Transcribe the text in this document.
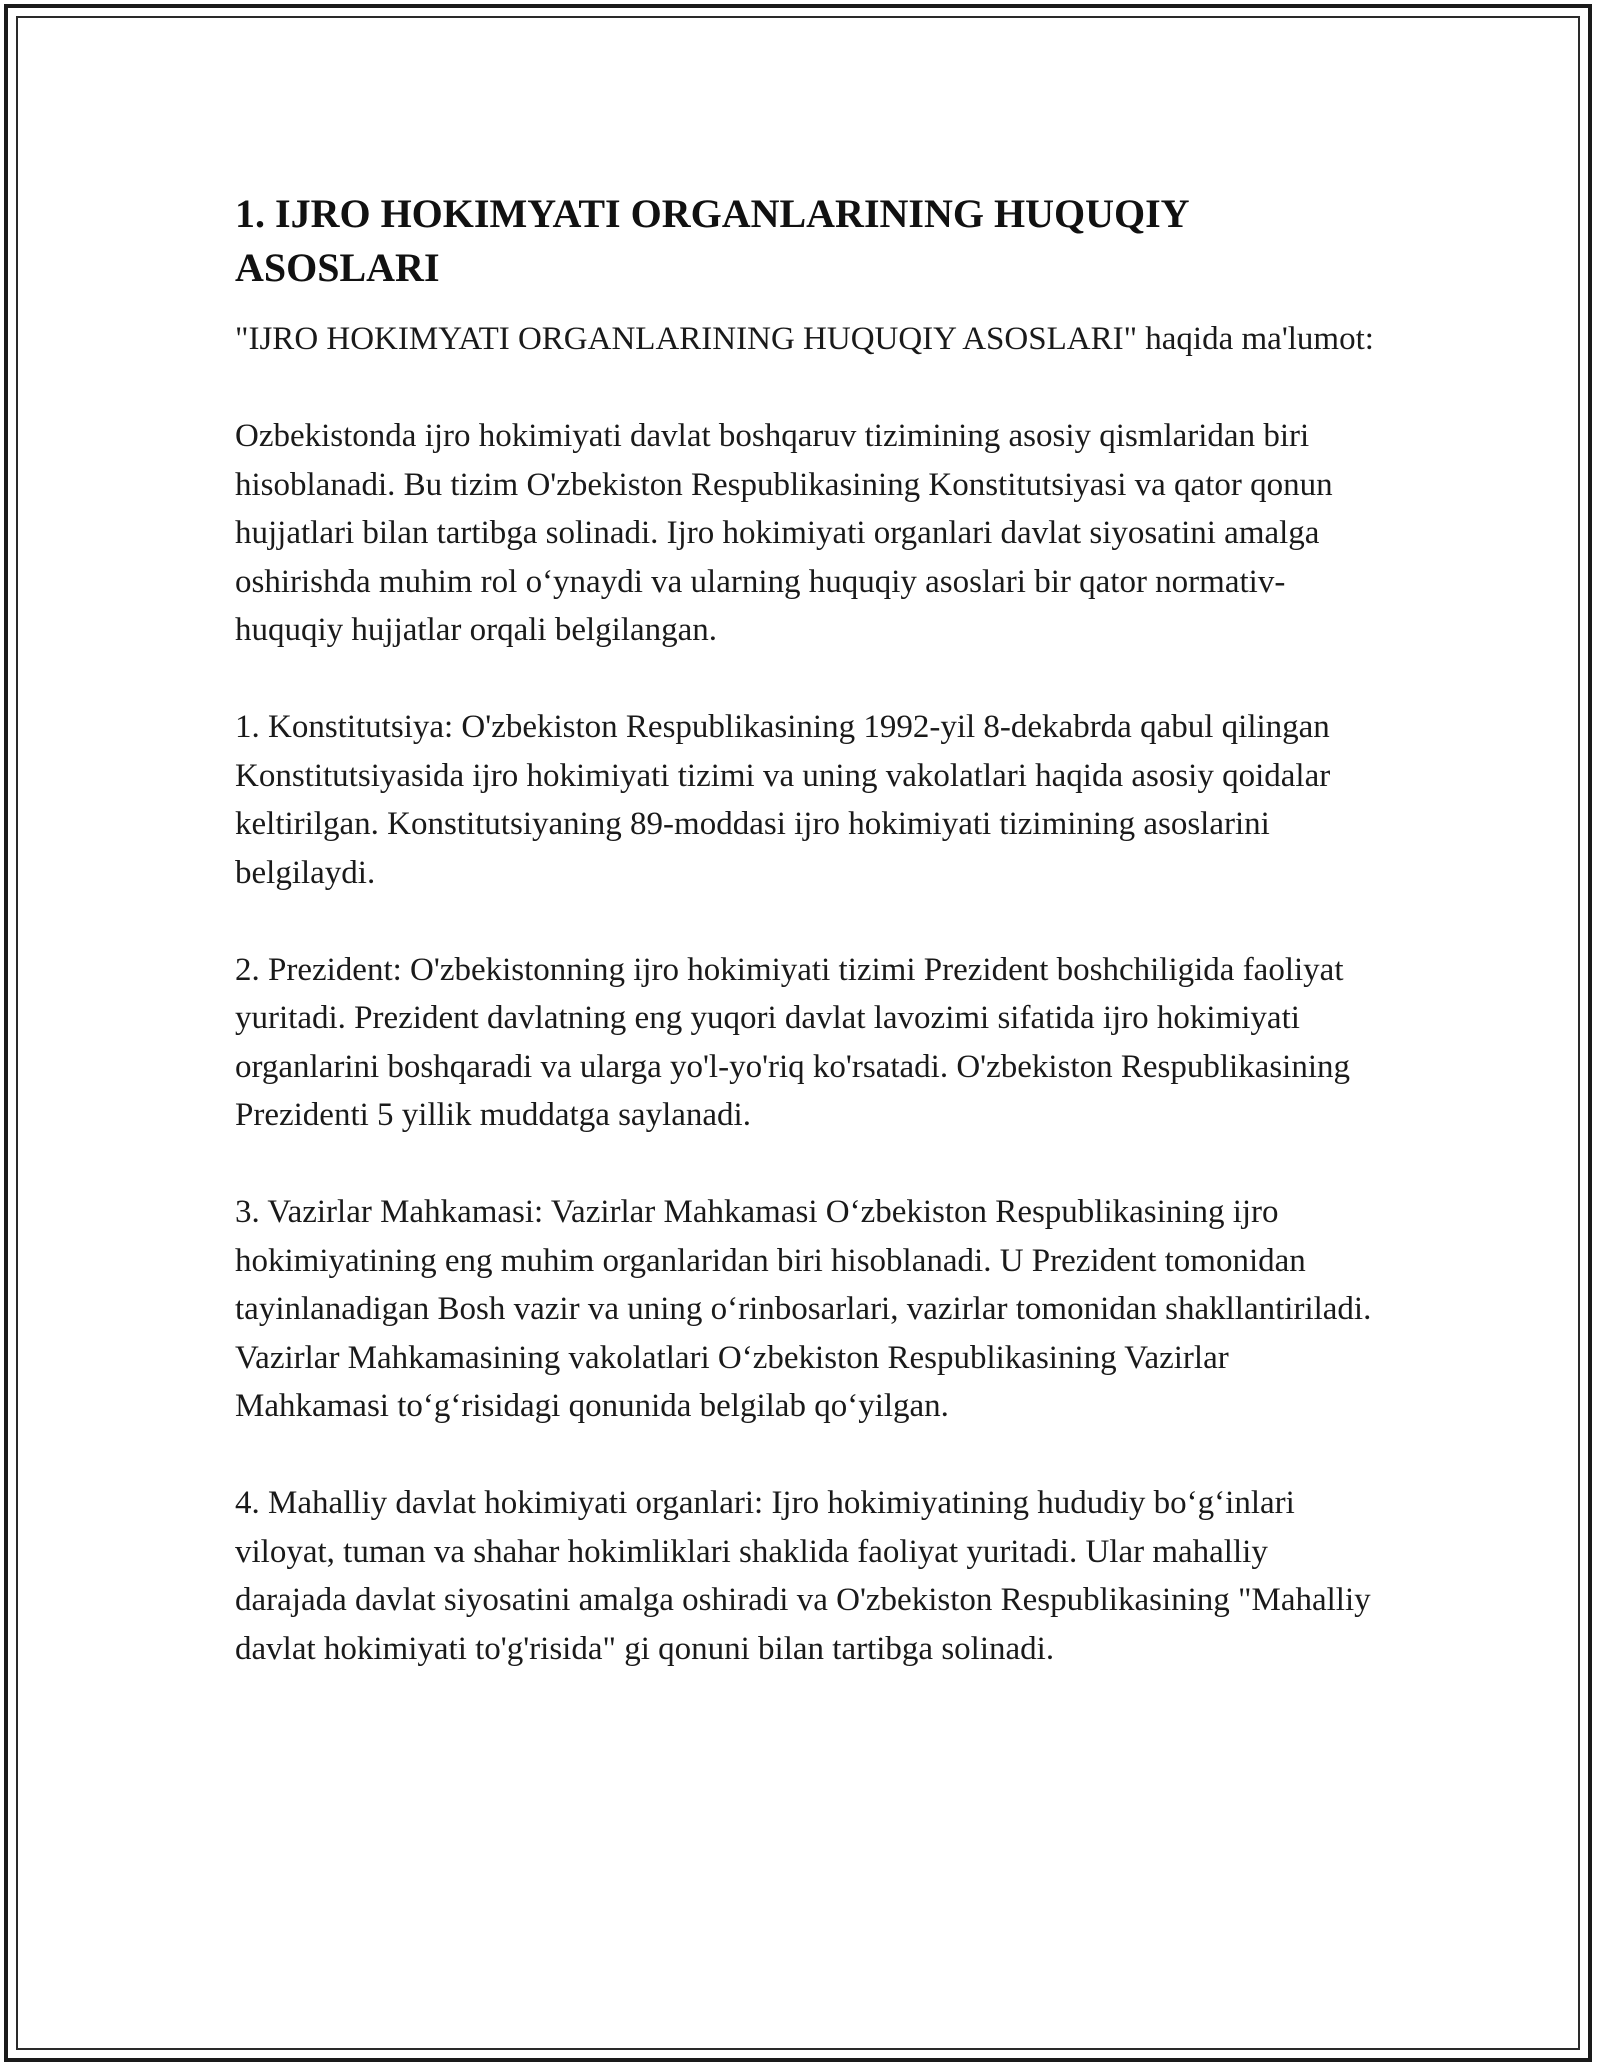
1. IJRO HOKIMYATI ORGANLARINING HUQUQIY ASOSLARI

"IJRO HOKIMYATI ORGANLARINING HUQUQIY ASOSLARI" haqida ma'lumot:

Ozbekistonda ijro hokimiyati davlat boshqaruv tizimining asosiy qismlaridan biri hisoblanadi. Bu tizim O'zbekiston Respublikasining Konstitutsiyasi va qator qonun hujjatlari bilan tartibga solinadi. Ijro hokimiyati organlari davlat siyosatini amalga oshirishda muhim rol o‘ynaydi va ularning huquqiy asoslari bir qator normativ-huquqiy hujjatlar orqali belgilangan.

1. Konstitutsiya: O'zbekiston Respublikasining 1992-yil 8-dekabrda qabul qilingan Konstitutsiyasida ijro hokimiyati tizimi va uning vakolatlari haqida asosiy qoidalar keltirilgan. Konstitutsiyaning 89-moddasi ijro hokimiyati tizimining asoslarini belgilaydi.

2. Prezident: O'zbekistonning ijro hokimiyati tizimi Prezident boshchiligida faoliyat yuritadi. Prezident davlatning eng yuqori davlat lavozimi sifatida ijro hokimiyati organlarini boshqaradi va ularga yo'l-yo'riq ko'rsatadi. O'zbekiston Respublikasining Prezidenti 5 yillik muddatga saylanadi.

3. Vazirlar Mahkamasi: Vazirlar Mahkamasi O‘zbekiston Respublikasining ijro hokimiyatining eng muhim organlaridan biri hisoblanadi. U Prezident tomonidan tayinlanadigan Bosh vazir va uning o‘rinbosarlari, vazirlar tomonidan shakllantiriladi. Vazirlar Mahkamasining vakolatlari O‘zbekiston Respublikasining Vazirlar Mahkamasi to‘g‘risidagi qonunida belgilab qo‘yilgan.

4. Mahalliy davlat hokimiyati organlari: Ijro hokimiyatining hududiy bo‘g‘inlari viloyat, tuman va shahar hokimliklari shaklida faoliyat yuritadi. Ular mahalliy darajada davlat siyosatini amalga oshiradi va O'zbekiston Respublikasining "Mahalliy davlat hokimiyati to'g'risida" gi qonuni bilan tartibga solinadi.
